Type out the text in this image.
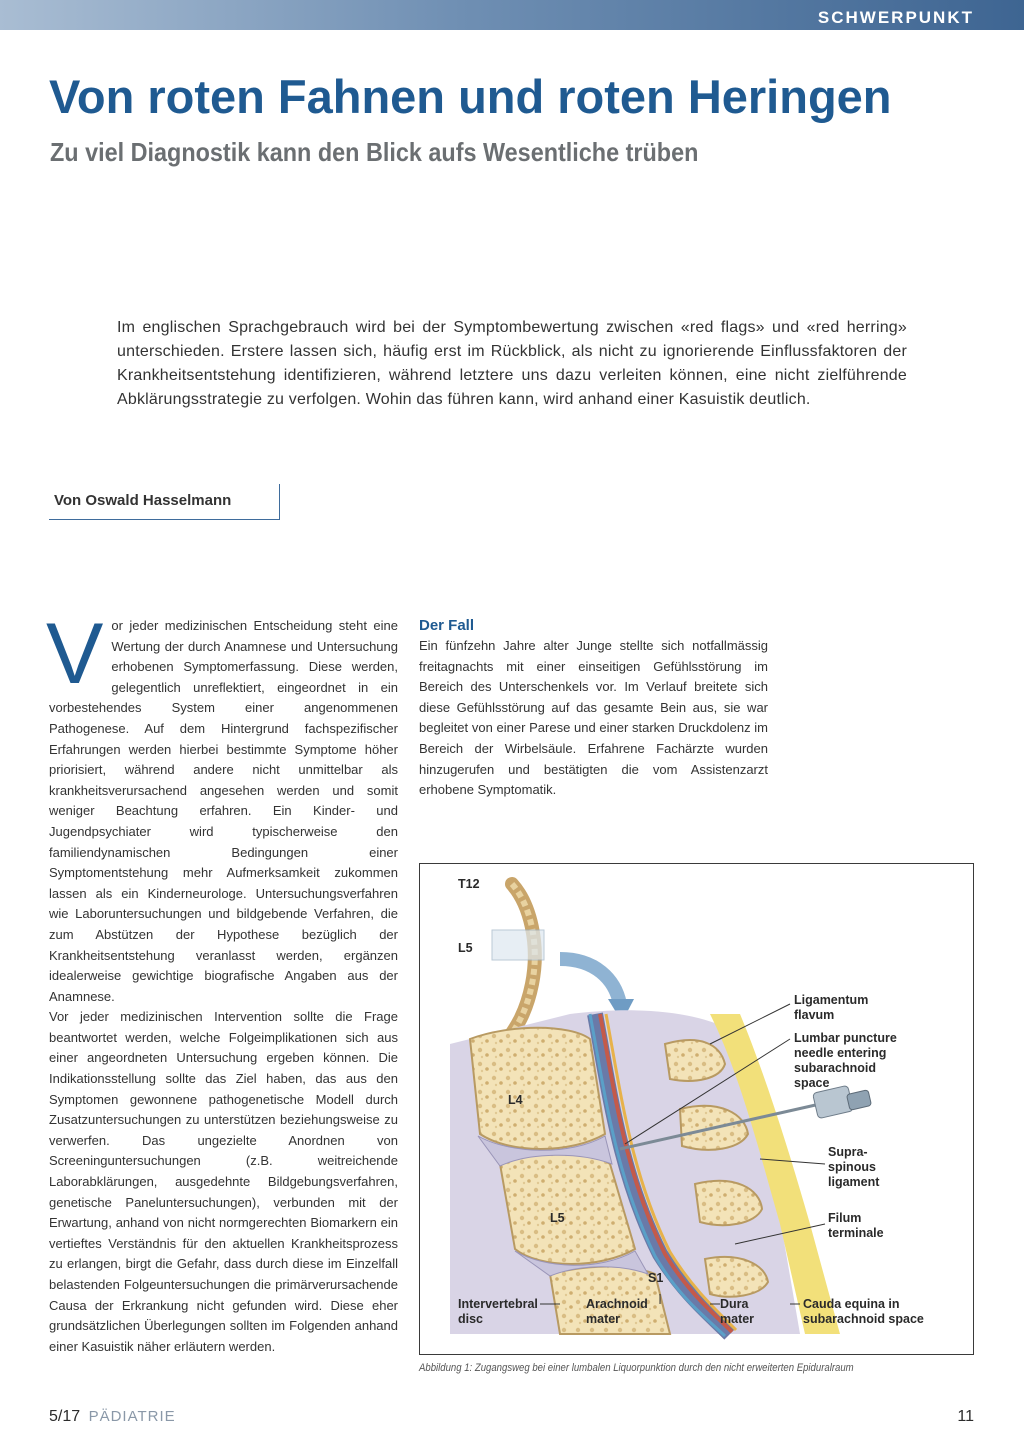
SCHWERPUNKT
Von roten Fahnen und roten Heringen
Zu viel Diagnostik kann den Blick aufs Wesentliche trüben

Im englischen Sprachgebrauch wird bei der Symptombewertung zwischen «red flags» und «red herring» unterschieden. Erstere lassen sich, häufig erst im Rückblick, als nicht zu ignorierende Einflussfaktoren der Krankheitsentstehung identifizieren, während letztere uns dazu verleiten können, eine nicht zielführende Abklärungsstrategie zu verfolgen. Wohin das führen kann, wird anhand einer Kasuistik deutlich.

Von Oswald Hasselmann
V or jeder medizinischen Entscheidung steht eine Wertung der durch Anamnese und Untersuchung erhobenen Symptomerfassung. Diese werden, gelegentlich unreflektiert, eingeordnet in ein vorbestehendes System einer angenommenen Pathogenese. Auf dem Hintergrund fachspezifischer Erfahrungen werden hierbei bestimmte Symptome höher priorisiert, während andere nicht unmittelbar als krankheitsverursachend angesehen werden und somit weniger Beachtung erfahren. Ein Kinder- und Jugendpsychiater wird typischerweise den familiendynamischen Bedingungen einer Symptomentstehung mehr Aufmerksamkeit zukommen lassen als ein Kinderneurologe. Untersuchungsverfahren wie Laboruntersuchungen und bildgebende Verfahren, die zum Abstützen der Hypothese bezüglich der Krankheitsentstehung veranlasst werden, ergänzen idealerweise gewichtige biografische Angaben aus der Anamnese.

Vor jeder medizinischen Intervention sollte die Frage beantwortet werden, welche Folgeimplikationen sich aus einer angeordneten Untersuchung ergeben können. Die Indikationsstellung sollte das Ziel haben, das aus den Symptomen gewonnene pathogenetische Modell durch Zusatzuntersuchungen zu unterstützen beziehungsweise zu verwerfen. Das ungezielte Anordnen von Screeninguntersuchungen (z.B. weitreichende Laborabklärungen, ausgedehnte Bildgebungsverfahren, genetische Paneluntersuchungen), verbunden mit der Erwartung, anhand von nicht normgerechten Biomarkern ein vertieftes Verständnis für den aktuellen Krankheitsprozess zu erlangen, birgt die Gefahr, dass durch diese im Einzelfall belastenden Folgeuntersuchungen die primärverursachende Causa der Erkrankung nicht gefunden wird. Diese eher grundsätzlichen Überlegungen sollten im Folgenden anhand einer Kasuistik näher erläutern werden.

Der Fall

Ein fünfzehn Jahre alter Junge stellte sich notfallmässig freitagnachts mit einer einseitigen Gefühlsstörung im Bereich des Unterschenkels vor. Im Verlauf breitete sich diese Gefühlsstörung auf das gesamte Bein aus, sie war begleitet von einer Parese und einer starken Druckdolenz im Bereich der Wirbelsäule. Erfahrene Fachärzte wurden hinzugerufen und bestätigten die vom Assistenzarzt erhobene Symptomatik.

T12
L5
L4
L5
S1
Ligamentum
flavum
Lumbar puncture
needle entering
subarachnoid
space
Supra-
spinous
ligament
Filum
terminale
Intervertebral
disc
Arachnoid
mater
Dura
mater
Cauda equina in
subarachnoid space
Abbildung 1: Zugangsweg bei einer lumbalen Liquorpunktion durch den nicht erweiterten Epiduralraum
5/17 PÄDIATRIE	11
